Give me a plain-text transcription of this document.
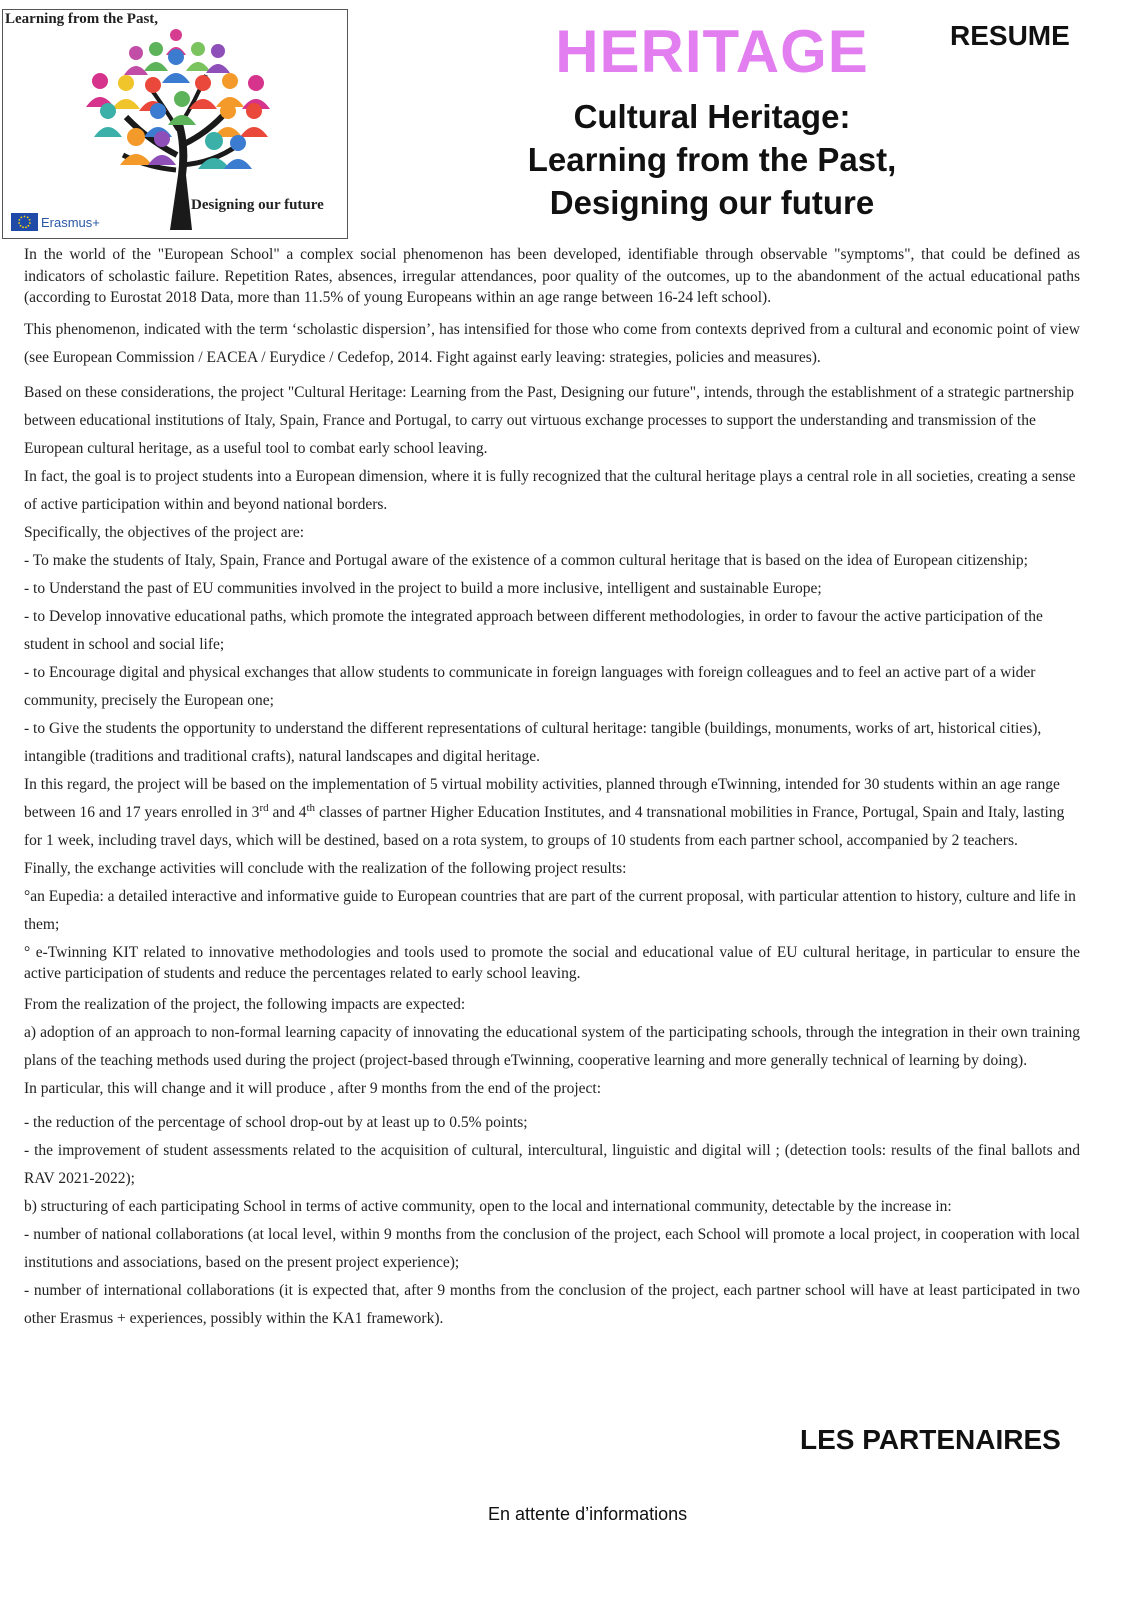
Learning from the Past,
Designing our future
Erasmus+
HERITAGE	RESUME
Cultural Heritage:
Learning from the Past,
Designing our future

In the world of the "European School" a complex social phenomenon has been developed, identifiable through observable "symptoms", that could be defined as indicators of scholastic failure. Repetition Rates, absences, irregular attendances, poor quality of the outcomes, up to the abandonment of the actual educational paths (according to Eurostat 2018 Data, more than 11.5% of young Europeans within an age range between 16-24 left school).

This phenomenon, indicated with the term ‘scholastic dispersion’, has intensified for those who come from contexts deprived from a cultural and economic point of view (see European Commission / EACEA / Eurydice / Cedefop, 2014. Fight against early leaving: strategies, policies and measures).

Based on these considerations, the project "Cultural Heritage: Learning from the Past, Designing our future", intends, through the establishment of a strategic partnership between educational institutions of Italy, Spain, France and Portugal, to carry out virtuous exchange processes to support the understanding and transmission of the European cultural heritage, as a useful tool to combat early school leaving.

In fact, the goal is to project students into a European dimension, where it is fully recognized that the cultural heritage plays a central role in all societies, creating a sense of active participation within and beyond national borders.

Specifically, the objectives of the project are:

- To make the students of Italy, Spain, France and Portugal aware of the existence of a common cultural heritage that is based on the idea of European citizenship;

- to Understand the past of EU communities involved in the project to build a more inclusive, intelligent and sustainable Europe;

- to Develop innovative educational paths, which promote the integrated approach between different methodologies, in order to favour the active participation of the student in school and social life;

- to Encourage digital and physical exchanges that allow students to communicate in foreign languages with foreign colleagues and to feel an active part of a wider community, precisely the European one;

- to Give the students the opportunity to understand the different representations of cultural heritage: tangible (buildings, monuments, works of art, historical cities), intangible (traditions and traditional crafts), natural landscapes and digital heritage.

In this regard, the project will be based on the implementation of 5 virtual mobility activities, planned through eTwinning, intended for 30 students within an age range between 16 and 17 years enrolled in 3rd and 4th classes of partner Higher Education Institutes, and 4 transnational mobilities in France, Portugal, Spain and Italy, lasting for 1 week, including travel days, which will be destined, based on a rota system, to groups of 10 students from each partner school, accompanied by 2 teachers.

Finally, the exchange activities will conclude with the realization of the following project results:

°an Eupedia: a detailed interactive and informative guide to European countries that are part of the current proposal, with particular attention to history, culture and life in them;

° e-Twinning KIT related to innovative methodologies and tools used to promote the social and educational value of EU cultural heritage, in particular to ensure the active participation of students and reduce the percentages related to early school leaving.

From the realization of the project, the following impacts are expected:

a) adoption of an approach to non-formal learning capacity of innovating the educational system of the participating schools, through the integration in their own training plans of the teaching methods used during the project (project-based through eTwinning, cooperative learning and more generally technical of learning by doing).

In particular, this will change and it will produce , after 9 months from the end of the project:

- the reduction of the percentage of school drop-out by at least up to 0.5% points;

- the improvement of student assessments related to the acquisition of cultural, intercultural, linguistic and digital will ; (detection tools: results of the final ballots and RAV 2021-2022);

b) structuring of each participating School in terms of active community, open to the local and international community, detectable by the increase in:

- number of national collaborations (at local level, within 9 months from the conclusion of the project, each School will promote a local project, in cooperation with local institutions and associations, based on the present project experience);

- number of international collaborations (it is expected that, after 9 months from the conclusion of the project, each partner school will have at least participated in two other Erasmus + experiences, possibly within the KA1 framework).

LES PARTENAIRES
En attente d’informations
